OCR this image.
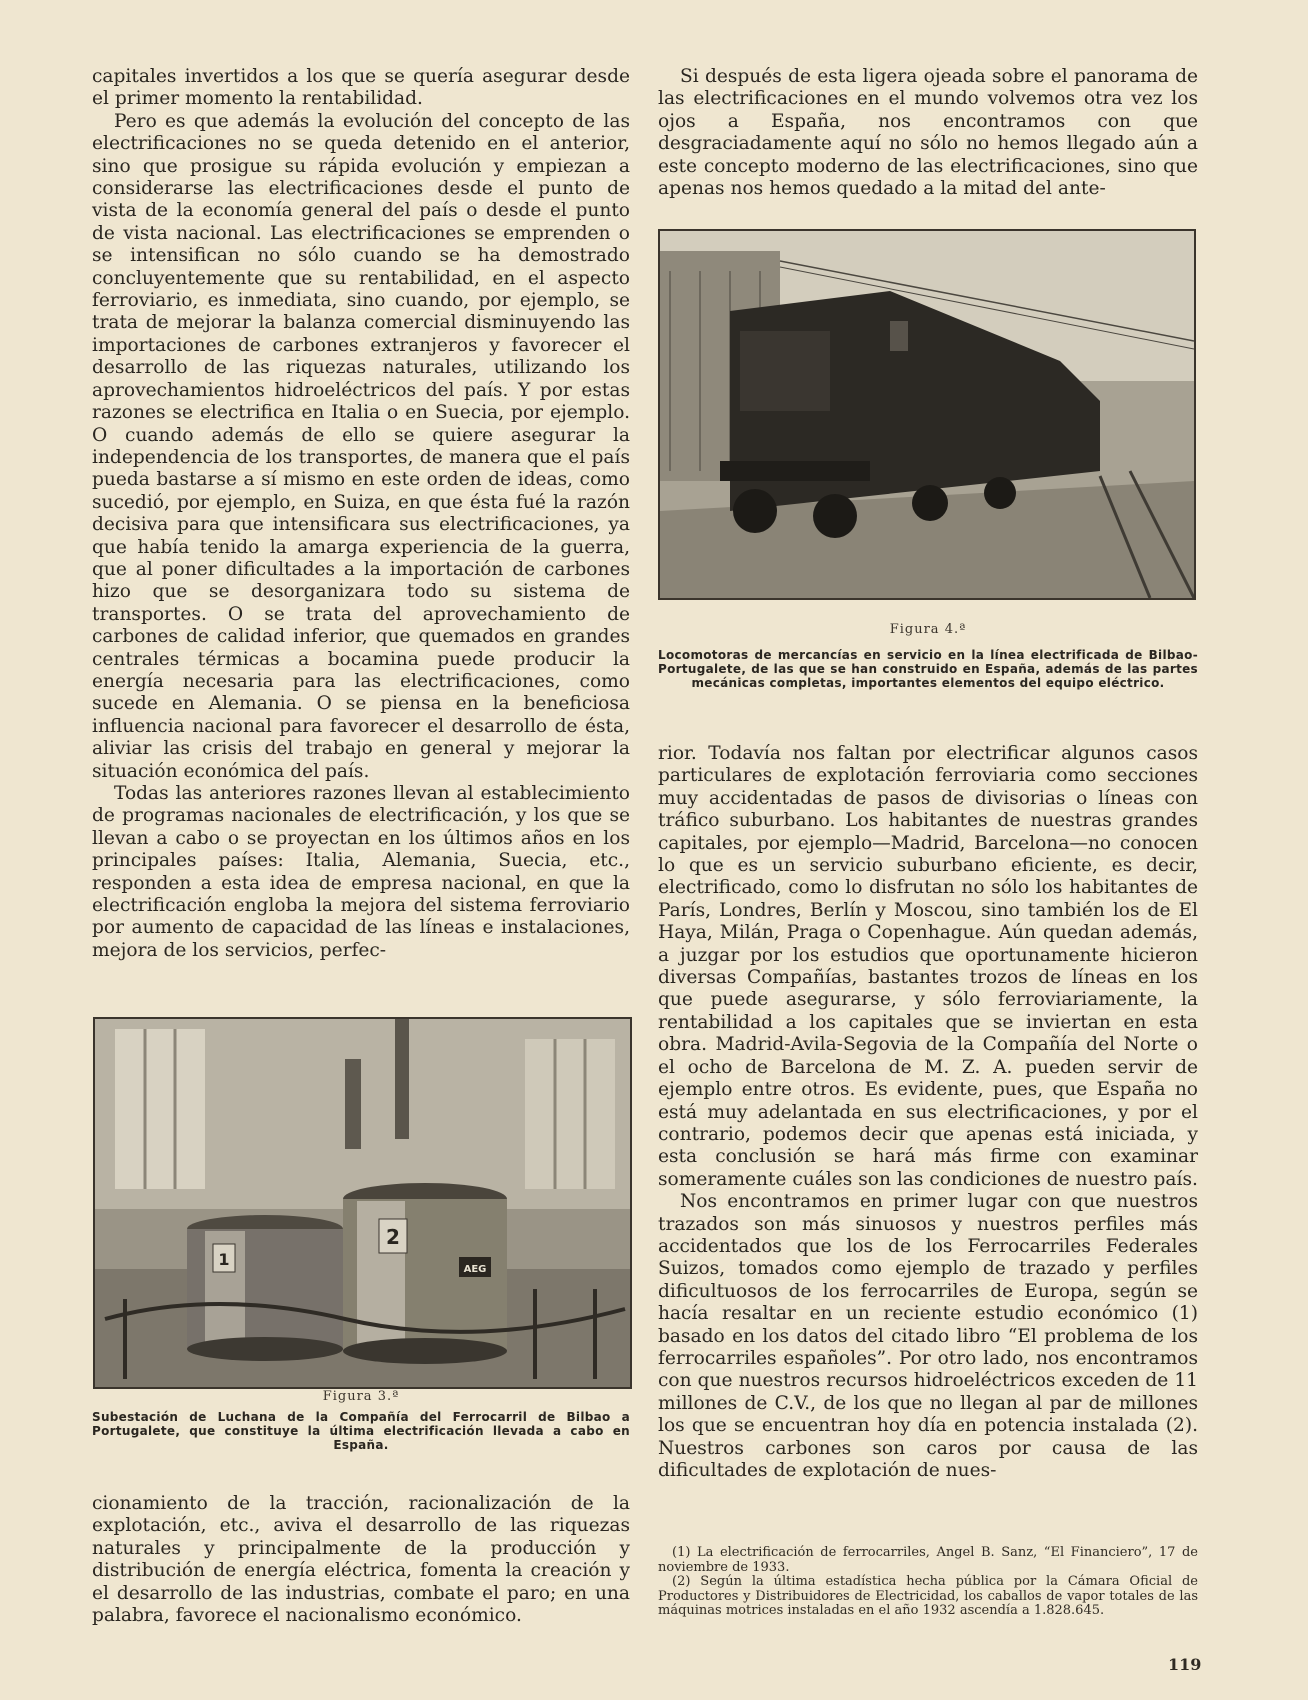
capitales invertidos a los que se quería asegurar desde el primer momento la rentabilidad.

Pero es que además la evolución del concepto de las electrificaciones no se queda detenido en el anterior, sino que prosigue su rápida evolución y empiezan a considerarse las electrificaciones desde el punto de vista de la economía general del país o desde el punto de vista nacional. Las electrificaciones se emprenden o se intensifican no sólo cuando se ha demostrado concluyentemente que su rentabilidad, en el aspecto ferroviario, es inmediata, sino cuando, por ejemplo, se trata de mejorar la balanza comercial disminuyendo las importaciones de carbones extranjeros y favorecer el desarrollo de las riquezas naturales, utilizando los aprovechamientos hidroeléctricos del país. Y por estas razones se electrifica en Italia o en Suecia, por ejemplo. O cuando además de ello se quiere asegurar la independencia de los transportes, de manera que el país pueda bastarse a sí mismo en este orden de ideas, como sucedió, por ejemplo, en Suiza, en que ésta fué la razón decisiva para que intensificara sus electrificaciones, ya que había tenido la amarga experiencia de la guerra, que al poner dificultades a la importación de carbones hizo que se desorganizara todo su sistema de transportes. O se trata del aprovechamiento de carbones de calidad inferior, que quemados en grandes centrales térmicas a bocamina puede producir la energía necesaria para las electrificaciones, como sucede en Alemania. O se piensa en la beneficiosa influencia nacional para favorecer el desarrollo de ésta, aliviar las crisis del trabajo en general y mejorar la situación económica del país.

Todas las anteriores razones llevan al establecimiento de programas nacionales de electrificación, y los que se llevan a cabo o se proyectan en los últimos años en los principales países: Italia, Alemania, Suecia, etc., responden a esta idea de empresa nacional, en que la electrificación engloba la mejora del sistema ferroviario por aumento de capacidad de las líneas e instalaciones, mejora de los servicios, perfec-

2
1
AEG
Figura 3.ª
Subestación de Luchana de la Compañía del Ferrocarril de Bilbao a Portugalete, que constituye la última electrificación llevada a cabo en España.

cionamiento de la tracción, racionalización de la explotación, etc., aviva el desarrollo de las riquezas naturales y principalmente de la producción y distribución de energía eléctrica, fomenta la creación y el desarrollo de las industrias, combate el paro; en una palabra, favorece el nacionalismo económico.

Si después de esta ligera ojeada sobre el panorama de las electrificaciones en el mundo volvemos otra vez los ojos a España, nos encontramos con que desgraciadamente aquí no sólo no hemos llegado aún a este concepto moderno de las electrificaciones, sino que apenas nos hemos quedado a la mitad del ante-

Figura 4.ª
Locomotoras de mercancías en servicio en la línea electrificada de Bilbao-Portugalete, de las que se han construido en España, además de las partes mecánicas completas, importantes elementos del equipo eléctrico.

rior. Todavía nos faltan por electrificar algunos casos particulares de explotación ferroviaria como secciones muy accidentadas de pasos de divisorias o líneas con tráfico suburbano. Los habitantes de nuestras grandes capitales, por ejemplo—Madrid, Barcelona—no conocen lo que es un servicio suburbano eficiente, es decir, electrificado, como lo disfrutan no sólo los habitantes de París, Londres, Berlín y Moscou, sino también los de El Haya, Milán, Praga o Copenhague. Aún quedan además, a juzgar por los estudios que oportunamente hicieron diversas Compañías, bastantes trozos de líneas en los que puede asegurarse, y sólo ferroviariamente, la rentabilidad a los capitales que se inviertan en esta obra. Madrid-Avila-Segovia de la Compañía del Norte o el ocho de Barcelona de M. Z. A. pueden servir de ejemplo entre otros. Es evidente, pues, que España no está muy adelantada en sus electrificaciones, y por el contrario, podemos decir que apenas está iniciada, y esta conclusión se hará más firme con examinar someramente cuáles son las condiciones de nuestro país.

Nos encontramos en primer lugar con que nuestros trazados son más sinuosos y nuestros perfiles más accidentados que los de los Ferrocarriles Federales Suizos, tomados como ejemplo de trazado y perfiles dificultuosos de los ferrocarriles de Europa, según se hacía resaltar en un reciente estudio económico (1) basado en los datos del citado libro “El problema de los ferrocarriles españoles”. Por otro lado, nos encontramos con que nuestros recursos hidroeléctricos exceden de 11 millones de C.V., de los que no llegan al par de millones los que se encuentran hoy día en potencia instalada (2). Nuestros carbones son caros por causa de las dificultades de explotación de nues-

(1) La electrificación de ferrocarriles, Angel B. Sanz, “El Financiero”, 17 de noviembre de 1933.

(2) Según la última estadística hecha pública por la Cámara Oficial de Productores y Distribuidores de Electricidad, los caballos de vapor totales de las máquinas motrices instaladas en el año 1932 ascendía a 1.828.645.

119
